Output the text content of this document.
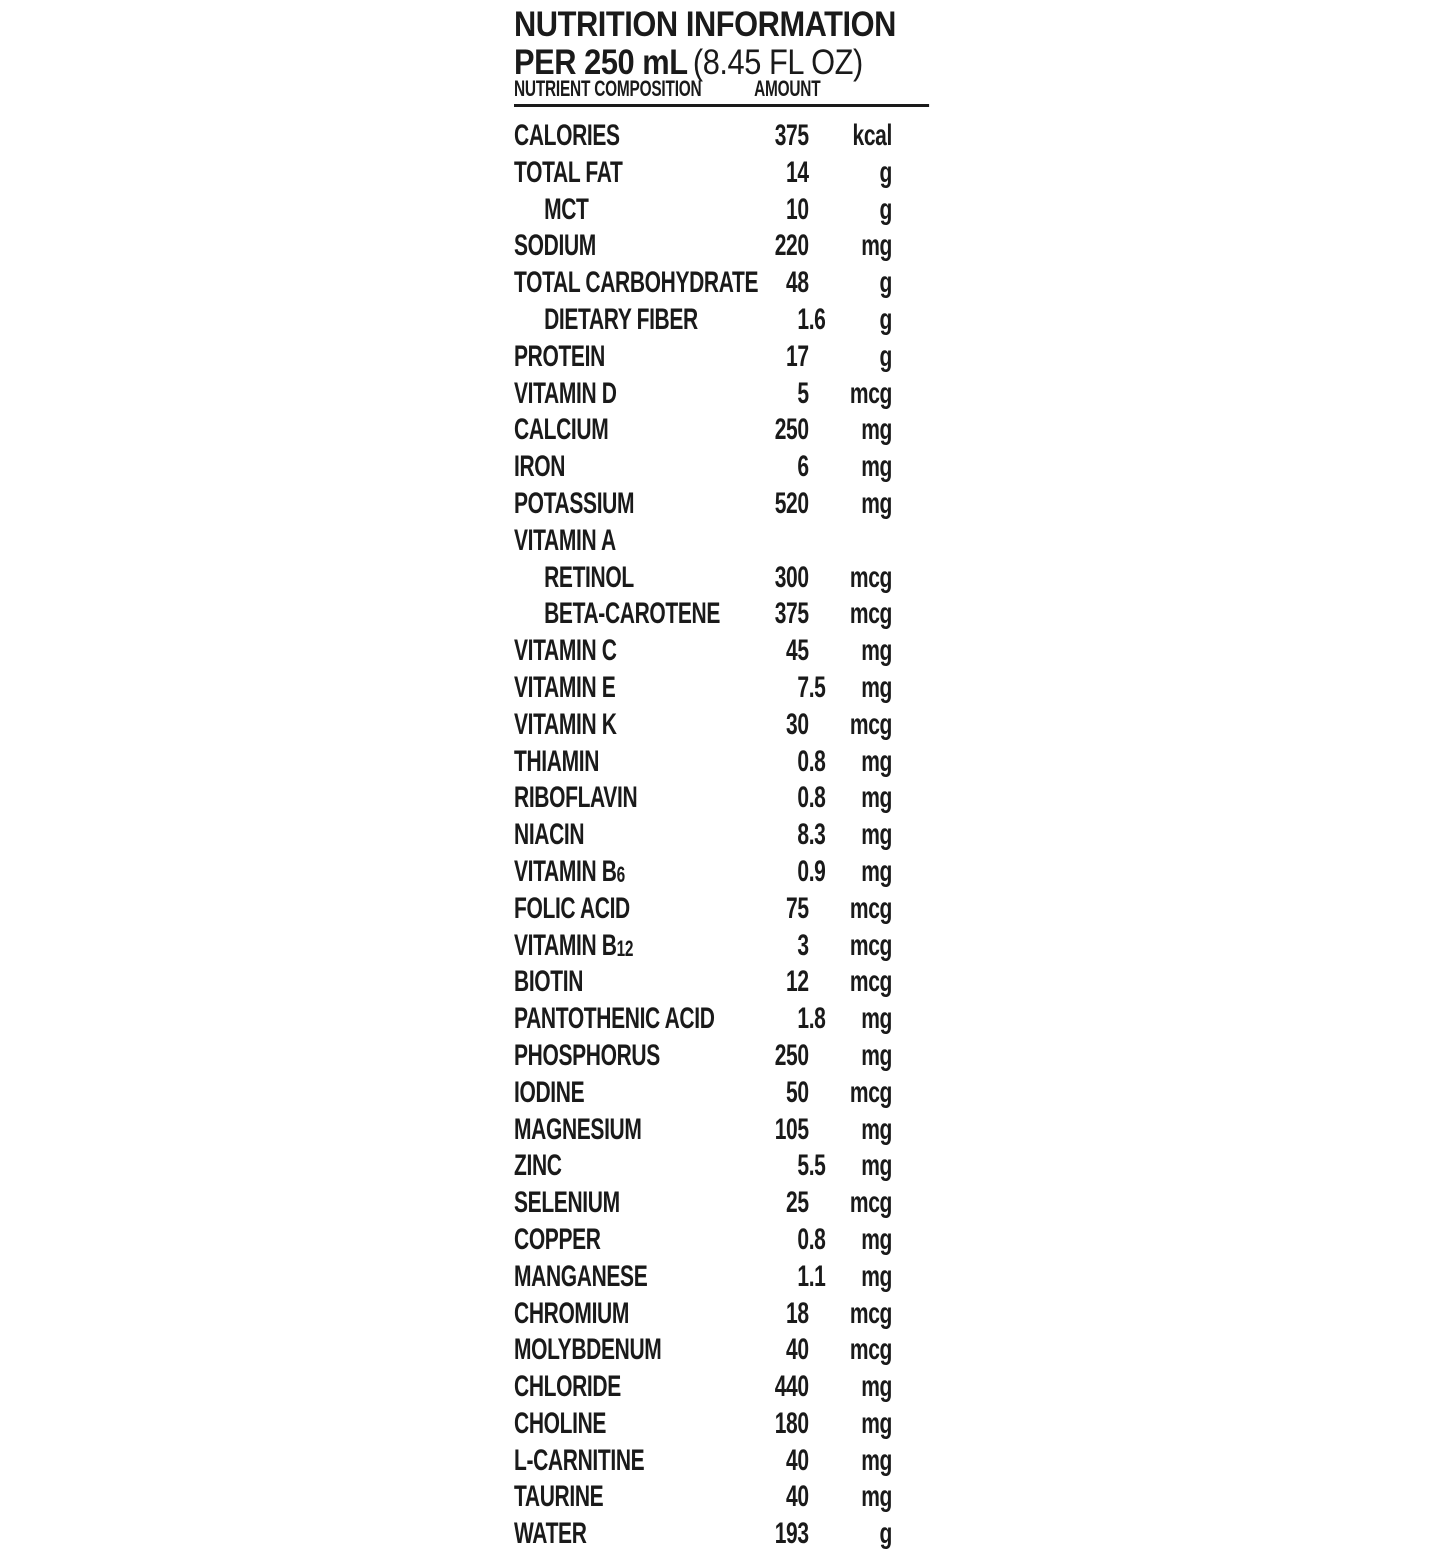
NUTRITION INFORMATION
PER 250 mL (8.45 FL OZ)
NUTRIENT COMPOSITION	AMOUNT
CALORIES	375	kcal
TOTAL FAT	14	g
MCT	10	g
SODIUM	220	mg
TOTAL CARBOHYDRATE 48	g
DIETARY FIBER	1 .6	g
PROTEIN	17	g
VITAMIN D	5	mcg
CALCIUM	250	mg
IRON	6	mg
POTASSIUM	520	mg
VITAMIN A
RETINOL	300	mcg
BETA-CAROTENE	375	mcg
VITAMIN C	45	mg
VITAMIN E	7 .5	mg
VITAMIN K	30	mcg
THIAMIN	0 .8	mg
RIBOFLAVIN	0 .8	mg
NIACIN	8 .3	mg
VITAMIN B6	0 .9	mg
FOLIC ACID	75	mcg
VITAMIN B12	3	mcg
BIOTIN	12	mcg
PANTOTHENIC ACID	1 .8	mg
PHOSPHORUS	250	mg
IODINE	50	mcg
MAGNESIUM	105	mg
ZINC	5 .5	mg
SELENIUM	25	mcg
COPPER	0 .8	mg
MANGANESE	1 .1	mg
CHROMIUM	18	mcg
MOLYBDENUM	40	mcg
CHLORIDE	440	mg
CHOLINE	180	mg
L-CARNITINE	40	mg
TAURINE	40	mg
WATER	193	g
